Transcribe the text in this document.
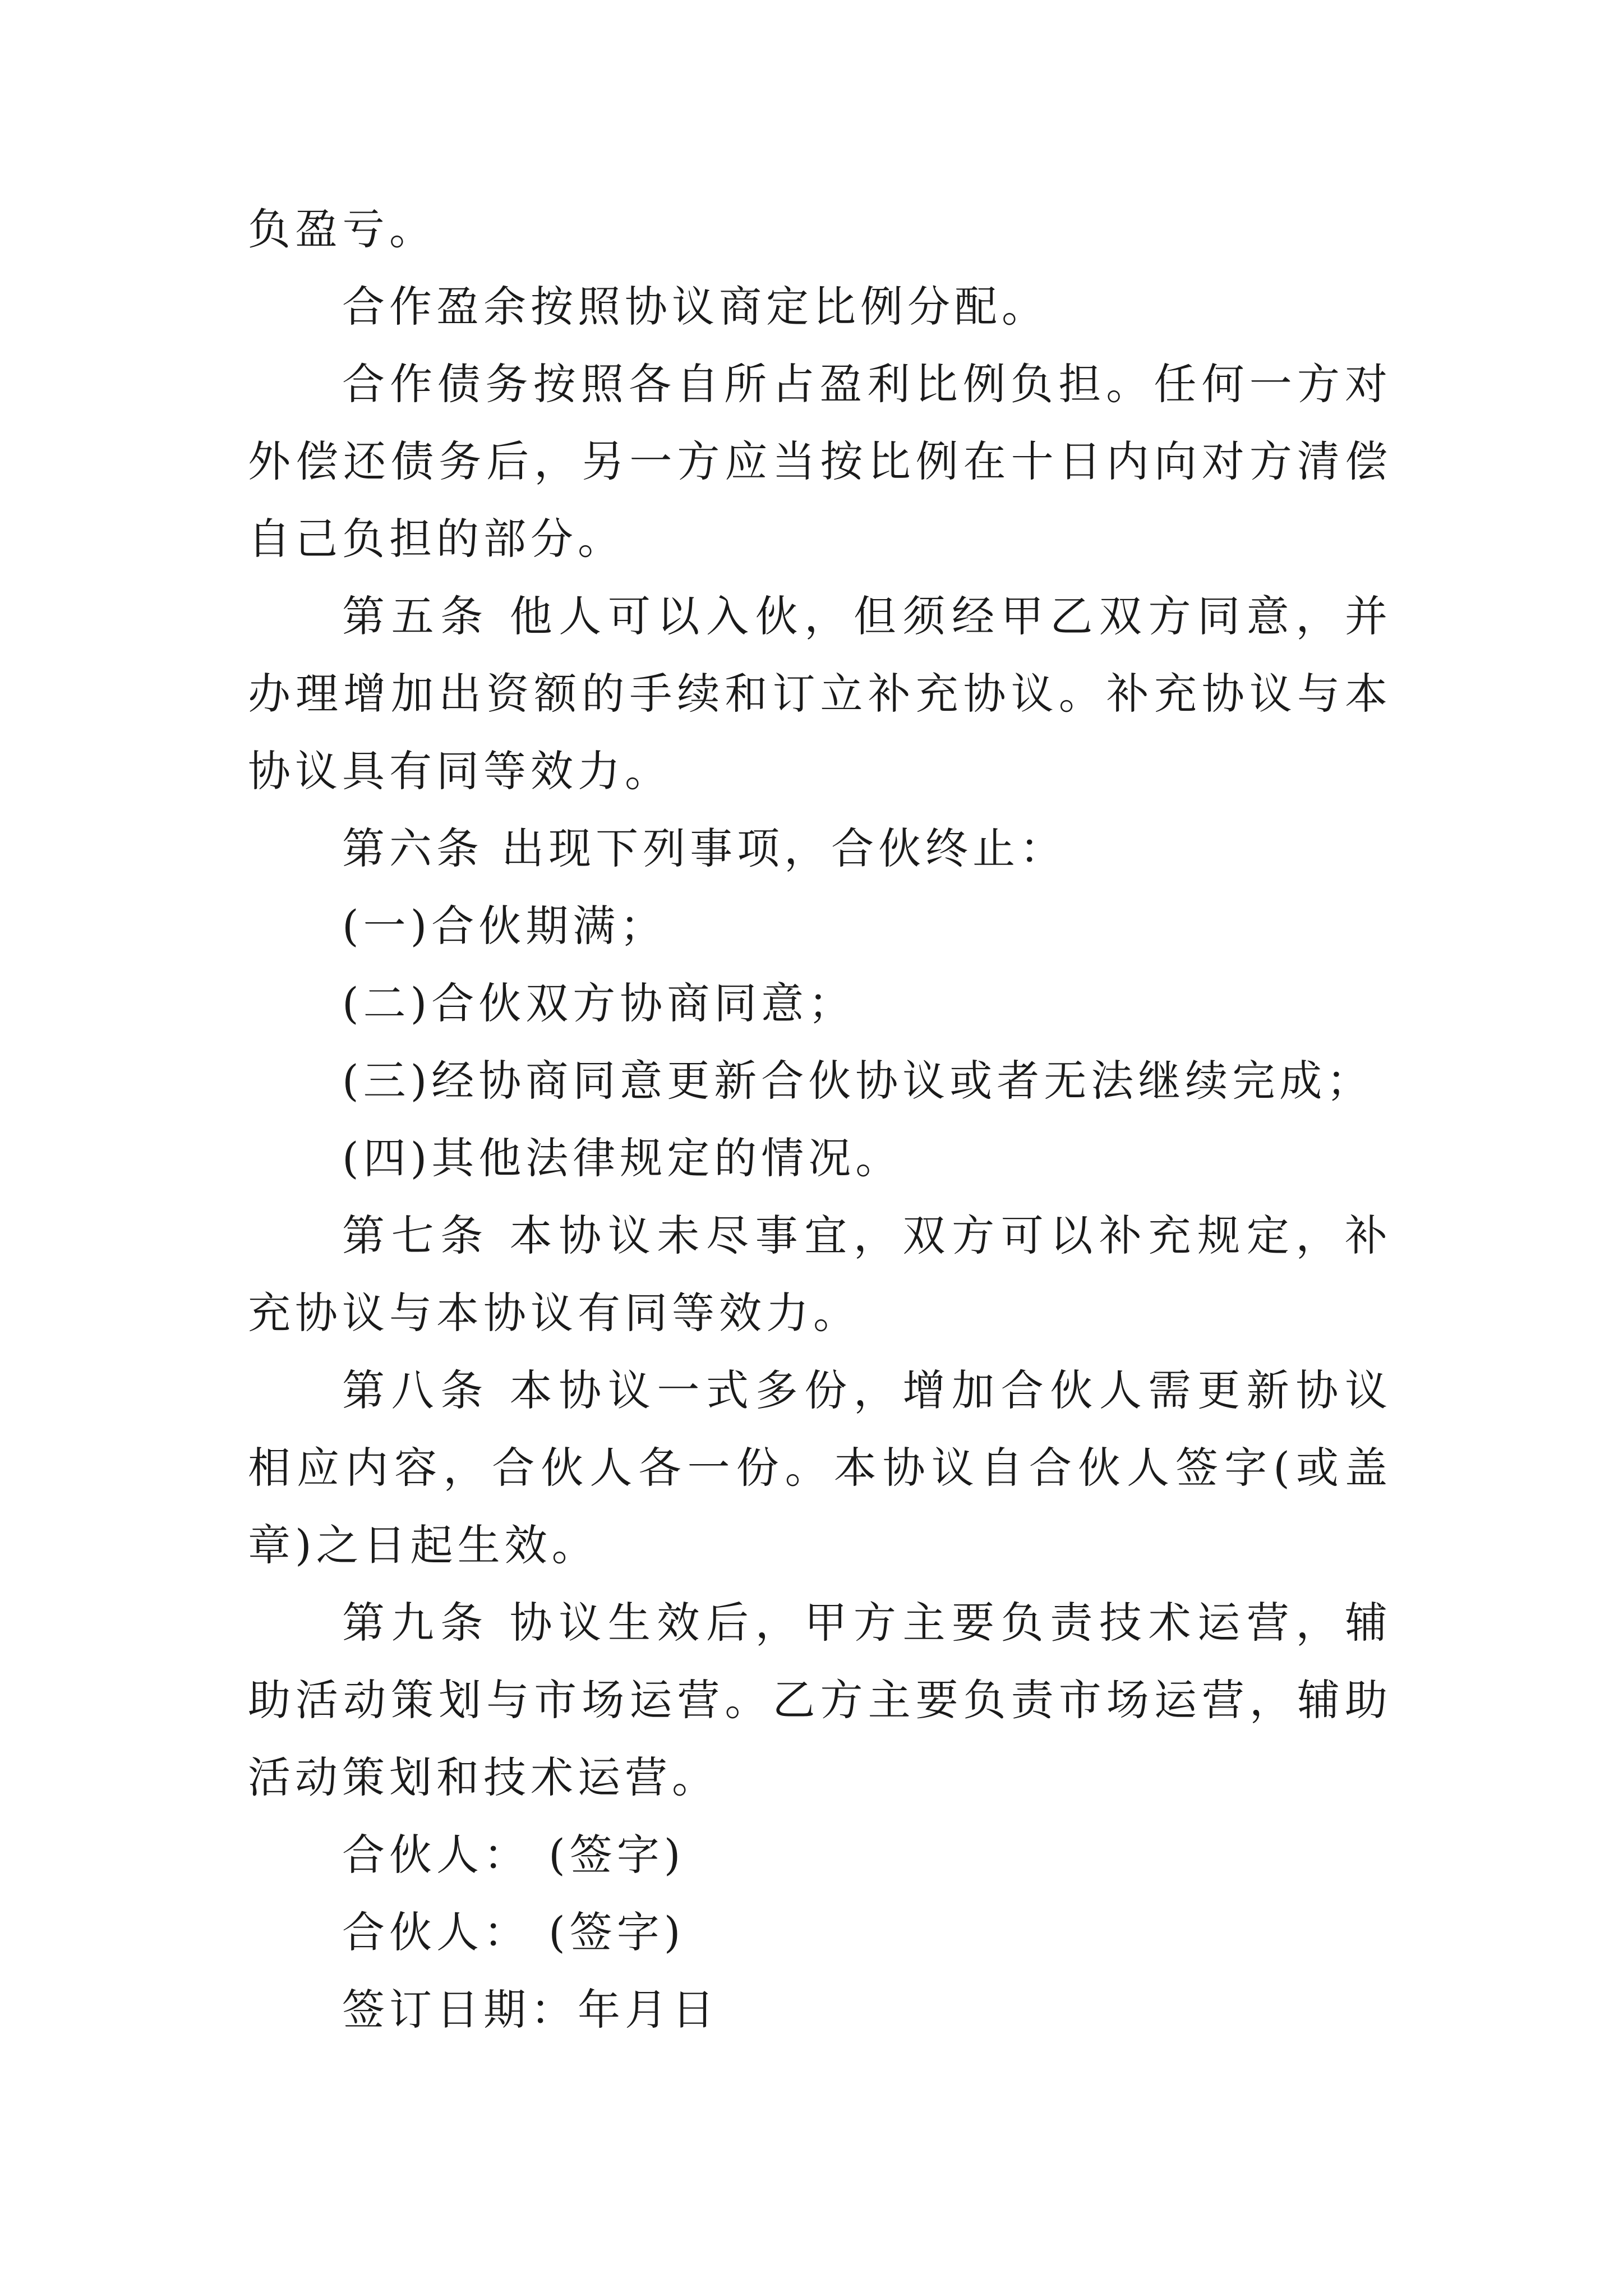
负盈亏。

合作盈余按照协议商定比例分配。

合作债务按照各自所占盈利比例负担。任何一方对外偿还债务后，另一方应当按比例在十日内向对方清偿自己负担的部分。

第五条 他人可以入伙，但须经甲乙双方同意，并办理增加出资额的手续和订立补充协议。补充协议与本协议具有同等效力。

第六条 出现下列事项，合伙终止：

(一)合伙期满；

(二)合伙双方协商同意；

(三)经协商同意更新合伙协议或者无法继续完成；

(四)其他法律规定的情况。

第七条 本协议未尽事宜，双方可以补充规定，补充协议与本协议有同等效力。

第八条 本协议一式多份，增加合伙人需更新协议相应内容，合伙人各一份。本协议自合伙人签字(或盖章)之日起生效。

第九条 协议生效后，甲方主要负责技术运营，辅助活动策划与市场运营。乙方主要负责市场运营，辅助活动策划和技术运营。

合伙人： (签字)

合伙人： (签字)

签订日期：年月日
